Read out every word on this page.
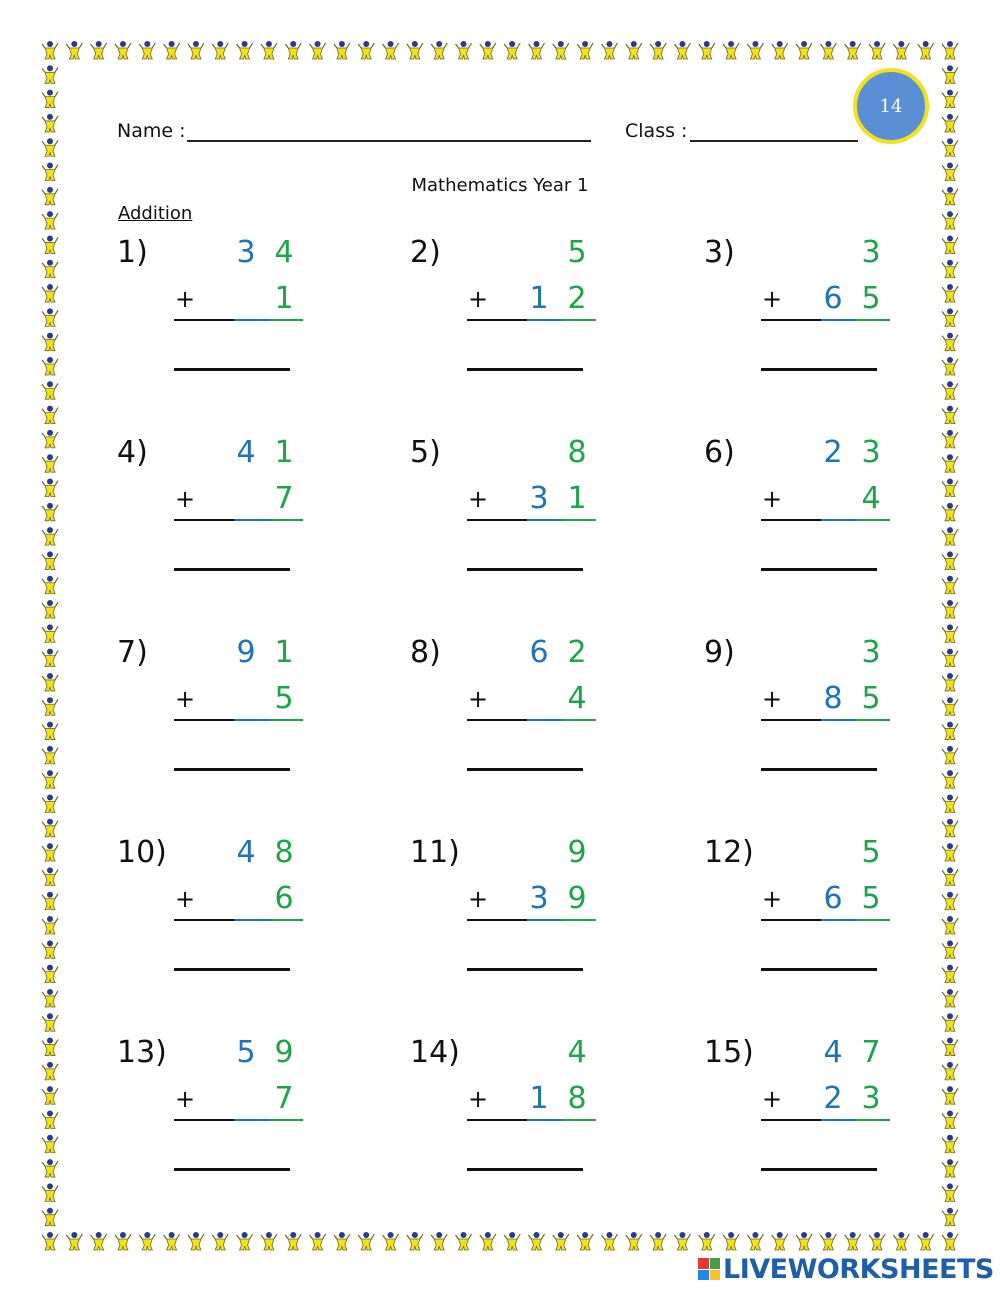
Name :	Class :
14
Mathematics Year 1
Addition
1)	3 4
+	1
2)	5
+ 1 2
3)	3
+ 6 5
4)	4 1
+	7
5)	8
+ 3 1
6)	2 3
+	4
7)	9 1
+	5
8)	6 2
+	4
9)	3
+ 8 5
10) 4 8
+	6
11)	9
+ 3 9
12)	5
+ 6 5
13) 5 9
+	7
14)	4
+ 1 8
15) 4 7
+ 2 3
LIVEWORKSHEETS
